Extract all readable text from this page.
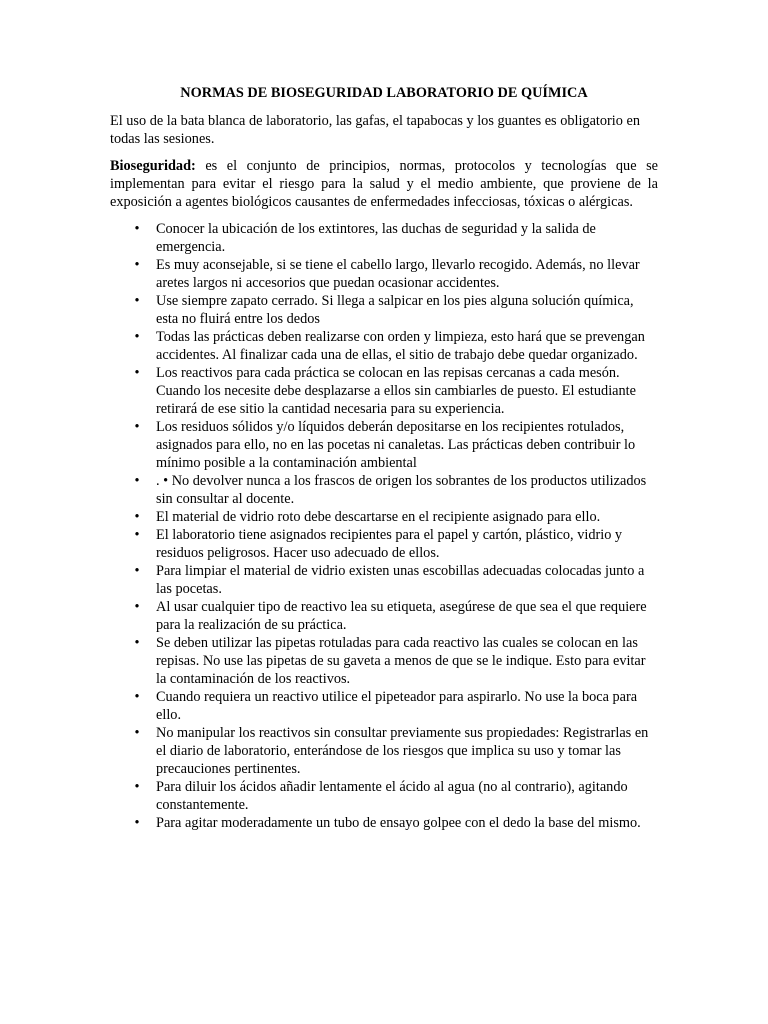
NORMAS DE BIOSEGURIDAD LABORATORIO DE QUÍMICA

El uso de la bata blanca de laboratorio, las gafas, el tapabocas y los guantes es obligatorio en todas las sesiones.

Bioseguridad: es el conjunto de principios, normas, protocolos y tecnologías que se implementan para evitar el riesgo para la salud y el medio ambiente, que proviene de la exposición a agentes biológicos causantes de enfermedades infecciosas, tóxicas o alérgicas.

• Conocer la ubicación de los extintores, las duchas de seguridad y la salida de emergencia.
• Es muy aconsejable, si se tiene el cabello largo, llevarlo recogido. Además, no llevar aretes largos ni accesorios que puedan ocasionar accidentes.
• Use siempre zapato cerrado. Si llega a salpicar en los pies alguna solución química, esta no fluirá entre los dedos
• Todas las prácticas deben realizarse con orden y limpieza, esto hará que se prevengan accidentes. Al finalizar cada una de ellas, el sitio de trabajo debe quedar organizado.
• Los reactivos para cada práctica se colocan en las repisas cercanas a cada mesón. Cuando los necesite debe desplazarse a ellos sin cambiarles de puesto. El estudiante retirará de ese sitio la cantidad necesaria para su experiencia.
• Los residuos sólidos y/o líquidos deberán depositarse en los recipientes rotulados, asignados para ello, no en las pocetas ni canaletas. Las prácticas deben contribuir lo mínimo posible a la contaminación ambiental
• . • No devolver nunca a los frascos de origen los sobrantes de los productos utilizados sin consultar al docente.
• El material de vidrio roto debe descartarse en el recipiente asignado para ello.
• El laboratorio tiene asignados recipientes para el papel y cartón, plástico, vidrio y residuos peligrosos. Hacer uso adecuado de ellos.
• Para limpiar el material de vidrio existen unas escobillas adecuadas colocadas junto a las pocetas.
• Al usar cualquier tipo de reactivo lea su etiqueta, asegúrese de que sea el que requiere para la realización de su práctica.
• Se deben utilizar las pipetas rotuladas para cada reactivo las cuales se colocan en las repisas. No use las pipetas de su gaveta a menos de que se le indique. Esto para evitar la contaminación de los reactivos.
• Cuando requiera un reactivo utilice el pipeteador para aspirarlo. No use la boca para ello.
• No manipular los reactivos sin consultar previamente sus propiedades: Registrarlas en el diario de laboratorio, enterándose de los riesgos que implica su uso y tomar las precauciones pertinentes.
• Para diluir los ácidos añadir lentamente el ácido al agua (no al contrario), agitando constantemente.
• Para agitar moderadamente un tubo de ensayo golpee con el dedo la base del mismo.
